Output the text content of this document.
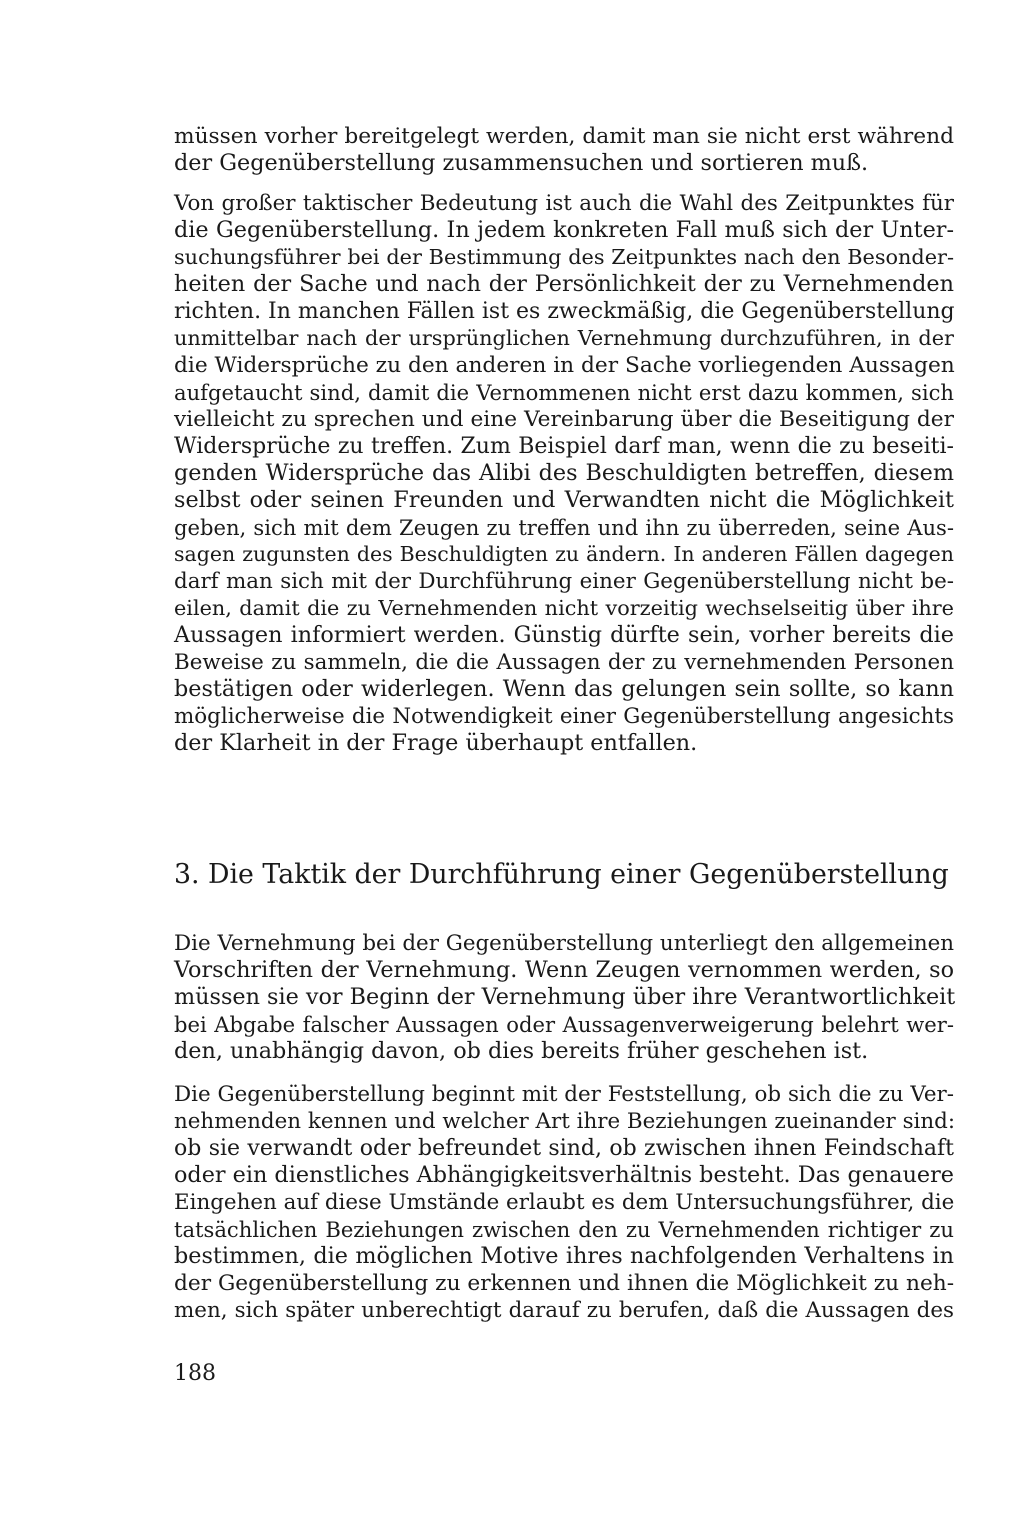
müssen vorher bereitgelegt werden, damit man sie nicht erst während
der Gegenüberstellung zusammensuchen und sortieren muß.
Von großer taktischer Bedeutung ist auch die Wahl des Zeitpunktes für
die Gegenüberstellung. In jedem konkreten Fall muß sich der Unter-
suchungsführer bei der Bestimmung des Zeitpunktes nach den Besonder-
heiten der Sache und nach der Persönlichkeit der zu Vernehmenden
richten. In manchen Fällen ist es zweckmäßig, die Gegenüberstellung
unmittelbar nach der ursprünglichen Vernehmung durchzuführen, in der
die Widersprüche zu den anderen in der Sache vorliegenden Aussagen
aufgetaucht sind, damit die Vernommenen nicht erst dazu kommen, sich
vielleicht zu sprechen und eine Vereinbarung über die Beseitigung der
Widersprüche zu treffen. Zum Beispiel darf man, wenn die zu beseiti-
genden Widersprüche das Alibi des Beschuldigten betreffen, diesem
selbst oder seinen Freunden und Verwandten nicht die Möglichkeit
geben, sich mit dem Zeugen zu treffen und ihn zu überreden, seine Aus-
sagen zugunsten des Beschuldigten zu ändern. In anderen Fällen dagegen
darf man sich mit der Durchführung einer Gegenüberstellung nicht be-
eilen, damit die zu Vernehmenden nicht vorzeitig wechselseitig über ihre
Aussagen informiert werden. Günstig dürfte sein, vorher bereits die
Beweise zu sammeln, die die Aussagen der zu vernehmenden Personen
bestätigen oder widerlegen. Wenn das gelungen sein sollte, so kann
möglicherweise die Notwendigkeit einer Gegenüberstellung angesichts
der Klarheit in der Frage überhaupt entfallen.
3. Die Taktik der Durchführung einer Gegenüberstellung
Die Vernehmung bei der Gegenüberstellung unterliegt den allgemeinen
Vorschriften der Vernehmung. Wenn Zeugen vernommen werden, so
müssen sie vor Beginn der Vernehmung über ihre Verantwortlichkeit
bei Abgabe falscher Aussagen oder Aussagenverweigerung belehrt wer-
den, unabhängig davon, ob dies bereits früher geschehen ist.
Die Gegenüberstellung beginnt mit der Feststellung, ob sich die zu Ver-
nehmenden kennen und welcher Art ihre Beziehungen zueinander sind:
ob sie verwandt oder befreundet sind, ob zwischen ihnen Feindschaft
oder ein dienstliches Abhängigkeitsverhältnis besteht. Das genauere
Eingehen auf diese Umstände erlaubt es dem Untersuchungsführer, die
tatsächlichen Beziehungen zwischen den zu Vernehmenden richtiger zu
bestimmen, die möglichen Motive ihres nachfolgenden Verhaltens in
der Gegenüberstellung zu erkennen und ihnen die Möglichkeit zu neh-
men, sich später unberechtigt darauf zu berufen, daß die Aussagen des
188
